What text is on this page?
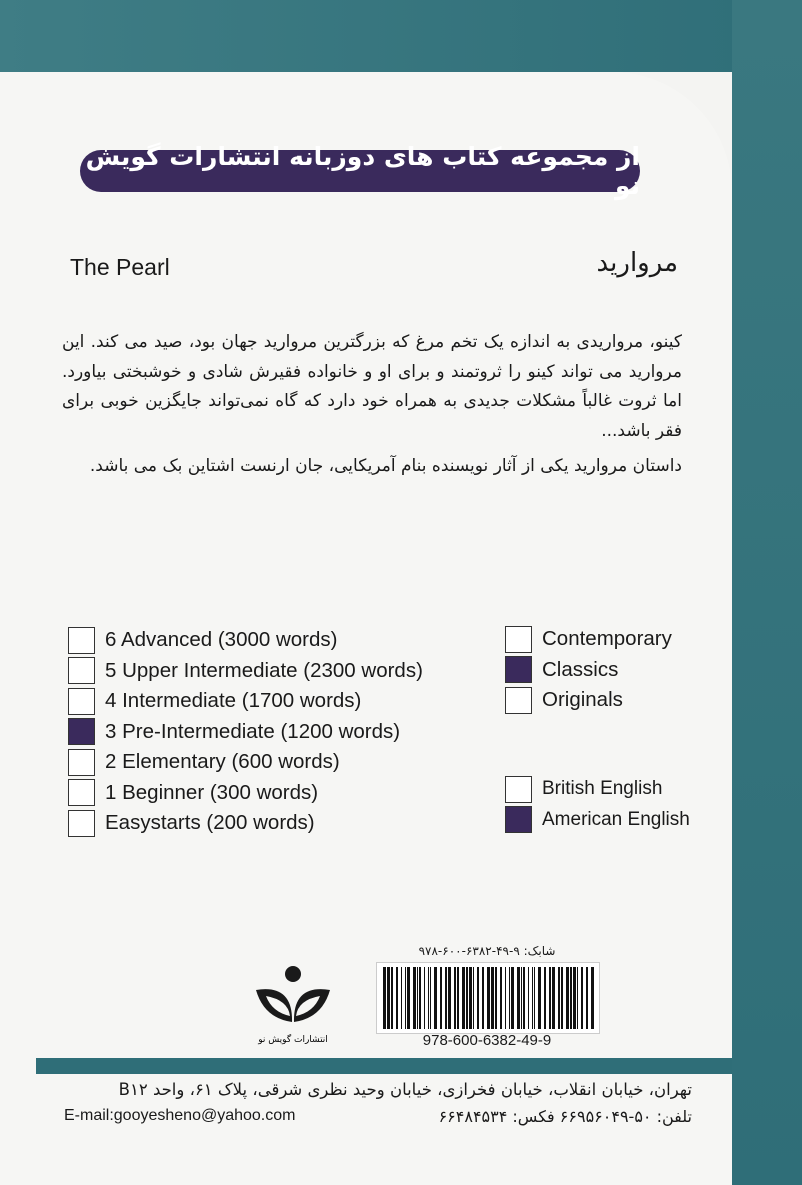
از مجموعه کتاب های دوزبانه انتشارات گویش نو
The Pearl	مروارید

کینو، مرواریدی به اندازه یک تخم مرغ که بزرگترین مروارید جهان بود، صید می کند. این مروارید می تواند کینو را ثروتمند و برای او و خانواده فقیرش شادی و خوشبختی بیاورد. اما ثروت غالباً مشکلات جدیدی به همراه خود دارد که گاه نمی‌تواند جایگزین خوبی برای فقر باشد...

داستان مروارید یکی از آثار نویسنده بنام آمریکایی، جان ارنست اشتاین بک می باشد.

6 Advanced (3000 words)
5 Upper Intermediate (2300 words)
4 Intermediate (1700 words)
3 Pre-Intermediate (1200 words)
2 Elementary (600 words)
1 Beginner (300 words)
Easystarts (200 words)
Contemporary
Classics
Originals
British English
American English
انتشارات گویش نو
شابک: ۹-۴۹-۶۳۸۲-۶۰۰-۹۷۸
978-600-6382-49-9
تهران، خیابان انقلاب، خیابان فخرازی، خیابان وحید نظری شرقی، پلاک ۶۱، واحد B۱۲
تلفن: ۵۰-۶۶۹۵۶۰۴۹ فکس: ۶۶۴۸۴۵۳۴
E-mail:gooyesheno@yahoo.com
